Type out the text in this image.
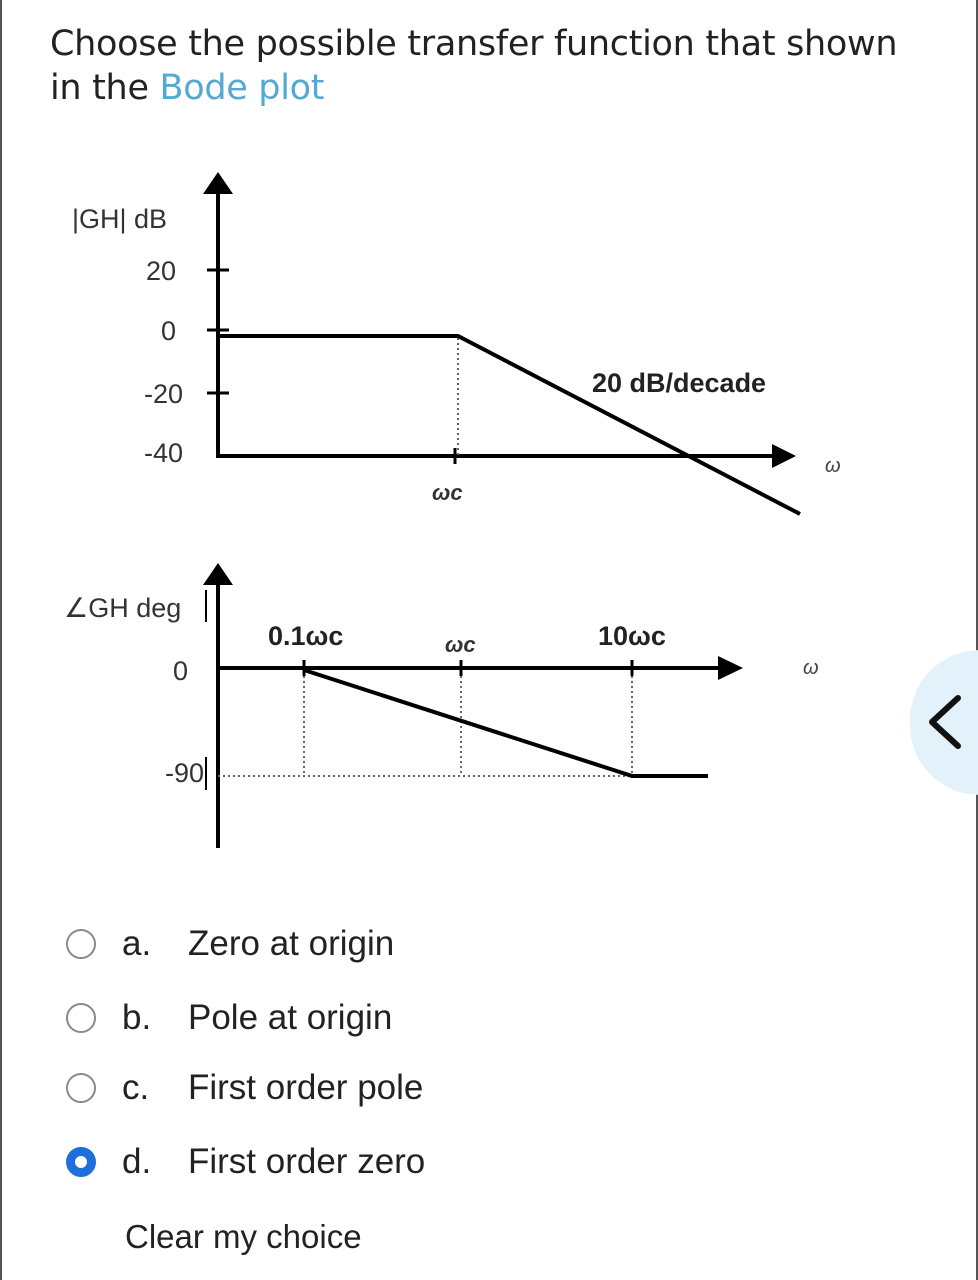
Choose the possible transfer function that shown in the Bode plot
|GH| dB
20
0
-20
-40
20 dB/decade
ωc
ω
∠GH deg
0
-90
0.1ωc	ωc	10ωc
ω
a. Zero at origin
b. Pole at origin
c. First order pole
d. First order zero
Clear my choice
